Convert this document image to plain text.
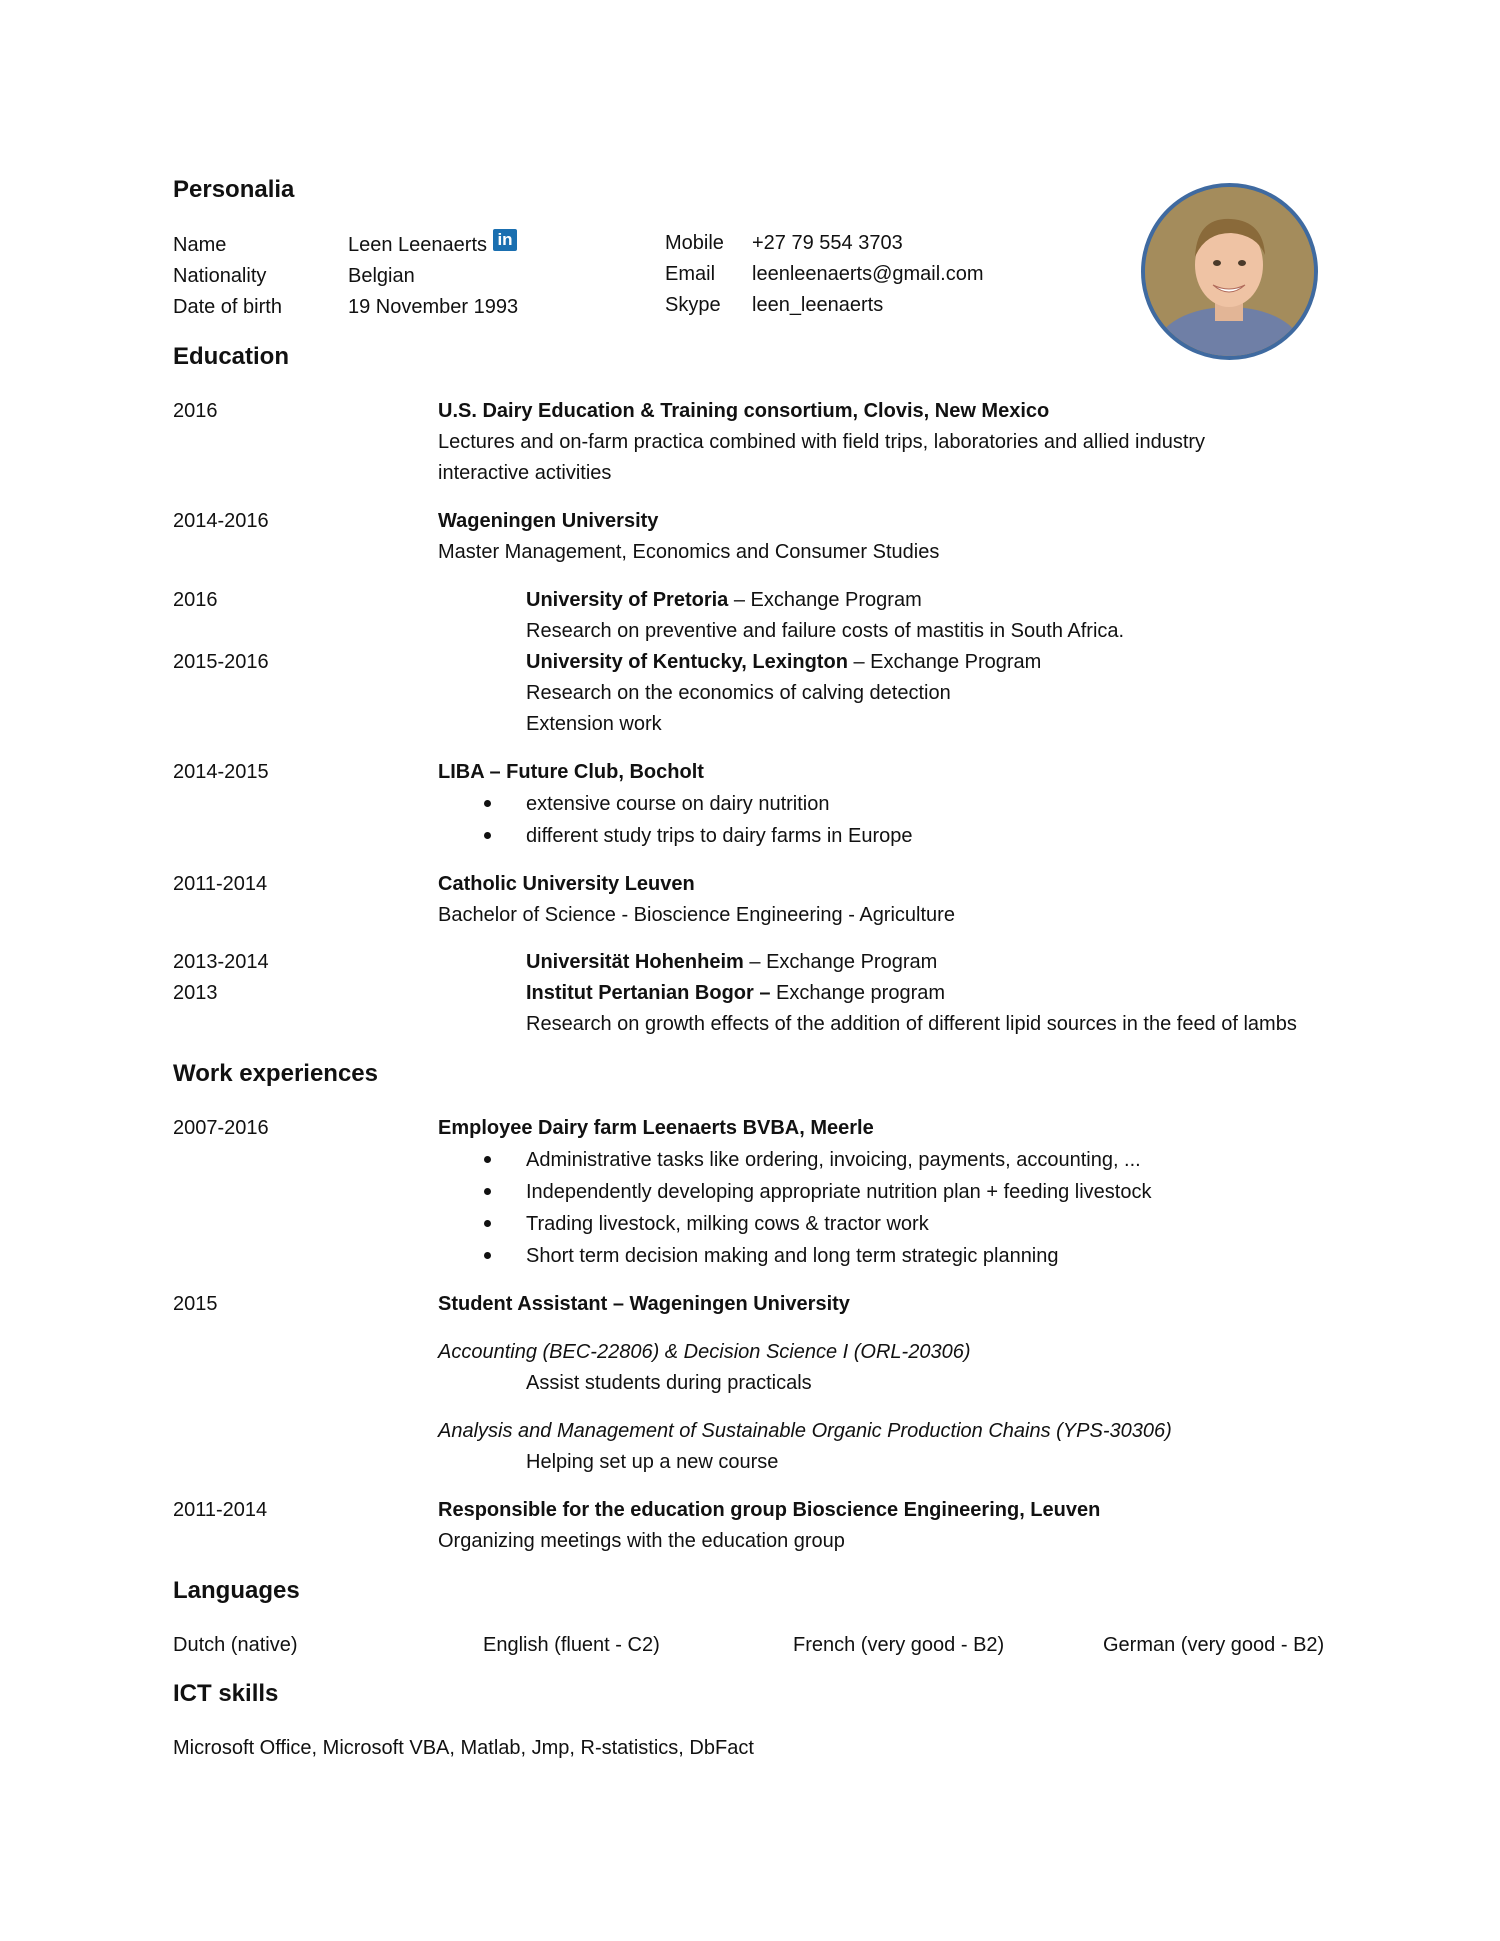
Personalia
Name	Leen Leenaerts in
Nationality	Belgian
Date of birth	19 November 1993
Mobile +27 79 554 3703
Email leenleenaerts@gmail.com
Skype leen_leenaerts
Education
2016	U.S. Dairy Education & Training consortium, Clovis, New Mexico
Lectures and on-farm practica combined with field trips, laboratories and allied industry
interactive activities
2014-2016	Wageningen University
Master Management, Economics and Consumer Studies
2016	University of Pretoria – Exchange Program
Research on preventive and failure costs of mastitis in South Africa.
2015-2016	University of Kentucky, Lexington – Exchange Program
Research on the economics of calving detection
Extension work
2014-2015	LIBA – Future Club, Bocholt
extensive course on dairy nutrition
different study trips to dairy farms in Europe
2011-2014	Catholic University Leuven
Bachelor of Science - Bioscience Engineering - Agriculture
2013-2014	Universität Hohenheim – Exchange Program
2013	Institut Pertanian Bogor – Exchange program
Research on growth effects of the addition of different lipid sources in the feed of lambs
Work experiences
2007-2016	Employee Dairy farm Leenaerts BVBA, Meerle
Administrative tasks like ordering, invoicing, payments, accounting, ...
Independently developing appropriate nutrition plan + feeding livestock
Trading livestock, milking cows & tractor work
Short term decision making and long term strategic planning
2015	Student Assistant – Wageningen University
Accounting (BEC-22806) & Decision Science I (ORL-20306)
Assist students during practicals
Analysis and Management of Sustainable Organic Production Chains (YPS-30306)
Helping set up a new course
2011-2014	Responsible for the education group Bioscience Engineering, Leuven
Organizing meetings with the education group
Languages
Dutch (native)	English (fluent - C2)	French (very good - B2)	German (very good - B2)
ICT skills
Microsoft Office, Microsoft VBA, Matlab, Jmp, R-statistics, DbFact
